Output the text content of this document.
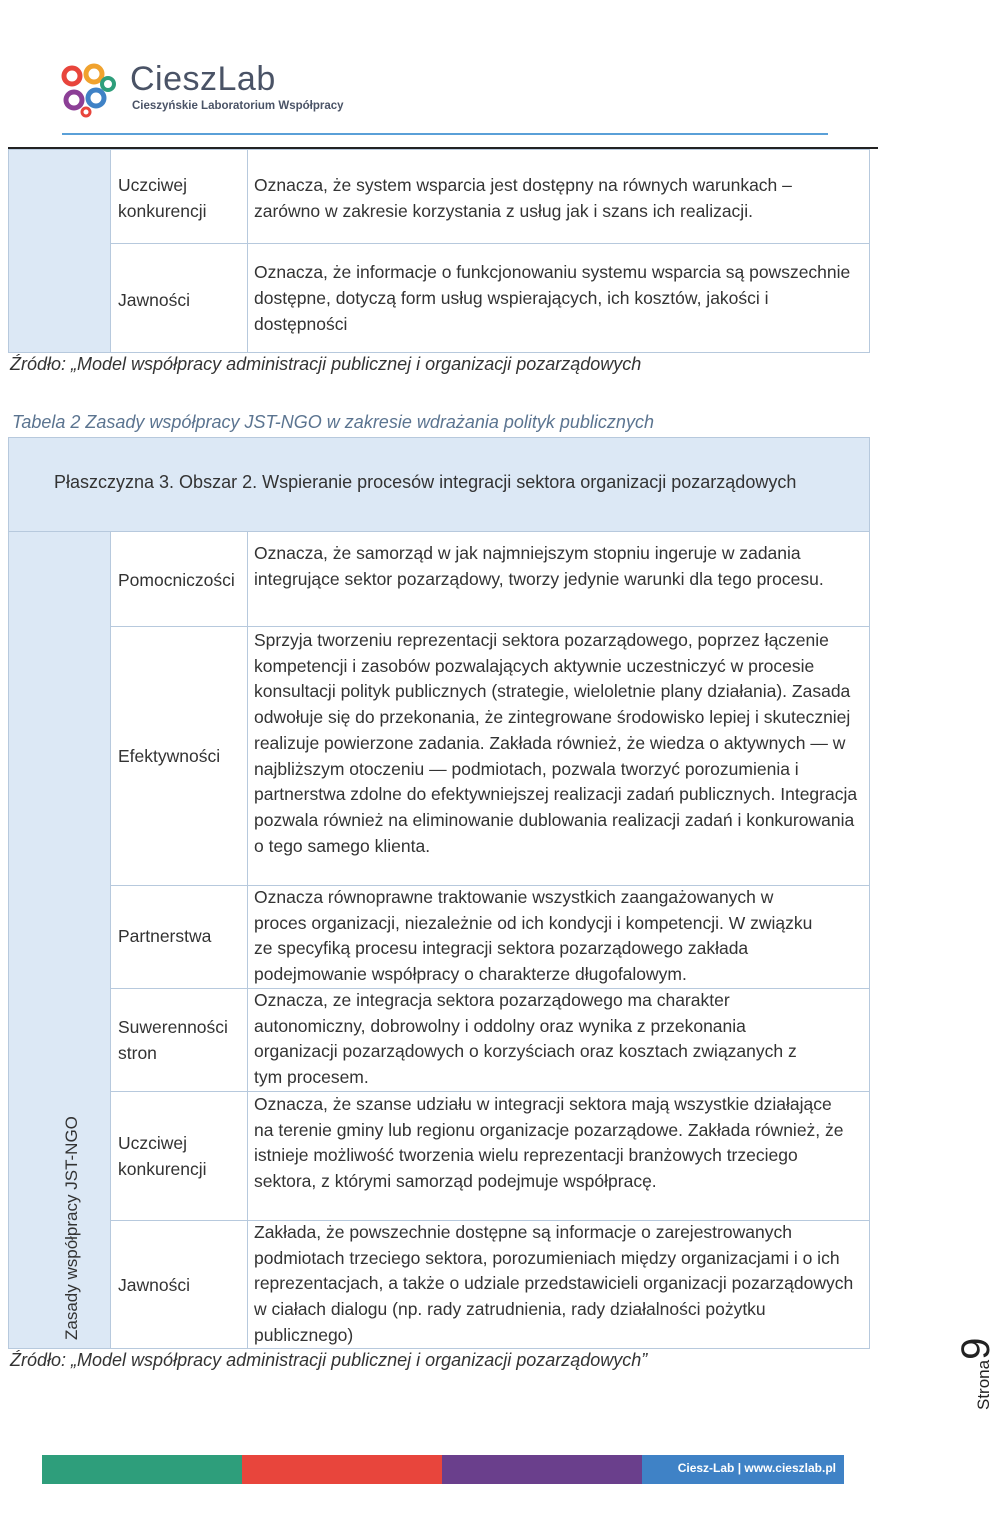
CieszLab
Cieszyńskie Laboratorium Współpracy
Uczciwej konkurencji
Oznacza, że system wsparcia jest dostępny na równych warunkach – zarówno w zakresie korzystania z usług jak i szans ich realizacji.
Jawności
Oznacza, że informacje o funkcjonowaniu systemu wsparcia są powszechnie dostępne, dotyczą form usług wspierających, ich kosztów, jakości i dostępności
Źródło: „Model współpracy administracji publicznej i organizacji pozarządowych
Tabela 2 Zasady współpracy JST-NGO w zakresie wdrażania polityk publicznych
Płaszczyzna 3. Obszar 2. Wspieranie procesów integracji sektora organizacji pozarządowych
Zasady współpracy JST-NGO
Pomocniczości
Efektywności
Partnerstwa
Suwerenności stron
Uczciwej konkurencji
Jawności
Oznacza, że samorząd w jak najmniejszym stopniu ingeruje w zadania integrujące sektor pozarządowy, tworzy jedynie warunki dla tego procesu.
Sprzyja tworzeniu reprezentacji sektora pozarządowego, poprzez łączenie kompetencji i zasobów pozwalających aktywnie uczestniczyć w procesie konsultacji polityk publicznych (strategie, wieloletnie plany działania). Zasada odwołuje się do przekonania, że zintegrowane środowisko lepiej i skuteczniej realizuje powierzone zadania. Zakłada również, że wiedza o aktywnych — w najbliższym otoczeniu — podmiotach, pozwala tworzyć porozumienia i partnerstwa zdolne do efektywniejszej realizacji zadań publicznych. Integracja pozwala również na eliminowanie dublowania realizacji zadań i konkurowania o tego samego klienta.
Oznacza równoprawne traktowanie wszystkich zaangażowanych w proces organizacji, niezależnie od ich kondycji i kompetencji. W związku ze specyfiką procesu integracji sektora pozarządowego zakłada podejmowanie współpracy o charakterze długofalowym.
Oznacza, ze integracja sektora pozarządowego ma charakter autonomiczny, dobrowolny i oddolny oraz wynika z przekonania organizacji pozarządowych o korzyściach oraz kosztach związanych z tym procesem.
Oznacza, że szanse udziału w integracji sektora mają wszystkie działające na terenie gminy lub regionu organizacje pozarządowe. Zakłada również, że istnieje możliwość tworzenia wielu reprezentacji branżowych trzeciego sektora, z którymi samorząd podejmuje współpracę.
Zakłada, że powszechnie dostępne są informacje o zarejestrowanych podmiotach trzeciego sektora, porozumieniach między organizacjami i o ich reprezentacjach, a także o udziale przedstawicieli organizacji pozarządowych w ciałach dialogu (np. rady zatrudnienia, rady działalności pożytku publicznego)
Źródło: „Model współpracy administracji publicznej i organizacji pozarządowych”	Strona9
Ciesz-Lab | www.cieszlab.pl
